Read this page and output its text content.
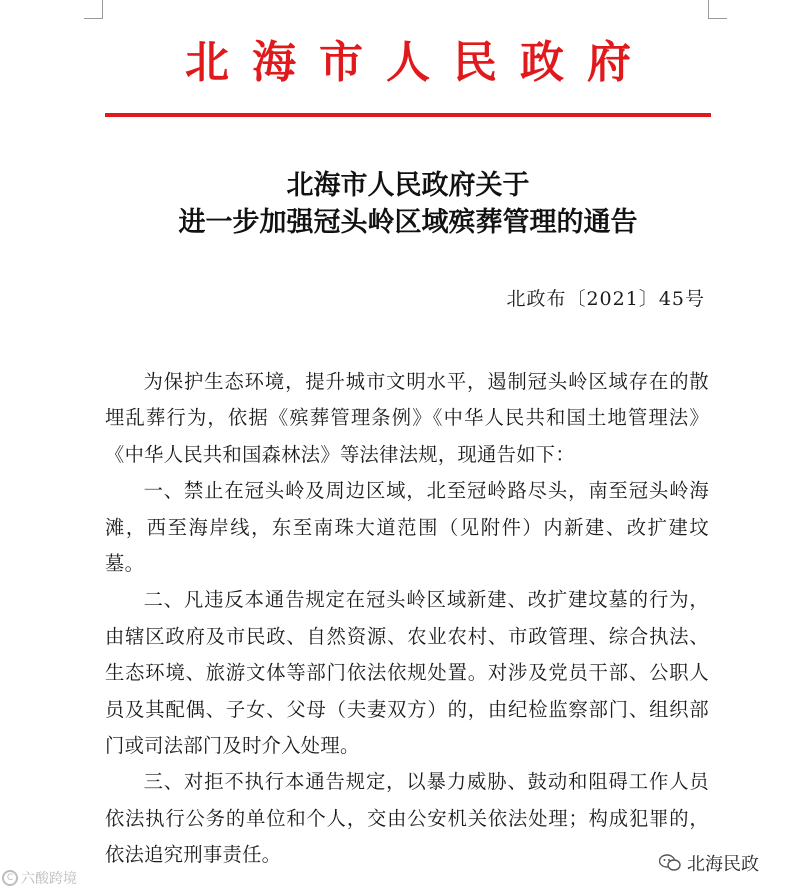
北海市人民政府
北海市人民政府关于
进一步加强冠头岭区域殡葬管理的通告
北政布〔2021〕45号

为保护生态环境，提升城市文明水平，遏制冠头岭区域存在的散埋乱葬行为，依据《殡葬管理条例》《中华人民共和国土地管理法》《中华人民共和国森林法》等法律法规，现通告如下：

一、禁止在冠头岭及周边区域，北至冠岭路尽头，南至冠头岭海滩，西至海岸线，东至南珠大道范围（见附件）内新建、改扩建坟墓。

二、凡违反本通告规定在冠头岭区域新建、改扩建坟墓的行为，由辖区政府及市民政、自然资源、农业农村、市政管理、综合执法、生态环境、旅游文体等部门依法依规处置。对涉及党员干部、公职人员及其配偶、子女、父母（夫妻双方）的，由纪检监察部门、组织部门或司法部门及时介入处理。

三、对拒不执行本通告规定，以暴力威胁、鼓动和阻碍工作人员依法执行公务的单位和个人，交由公安机关依法处理；构成犯罪的，依法追究刑事责任。

C 六酸跨境
北海民政
